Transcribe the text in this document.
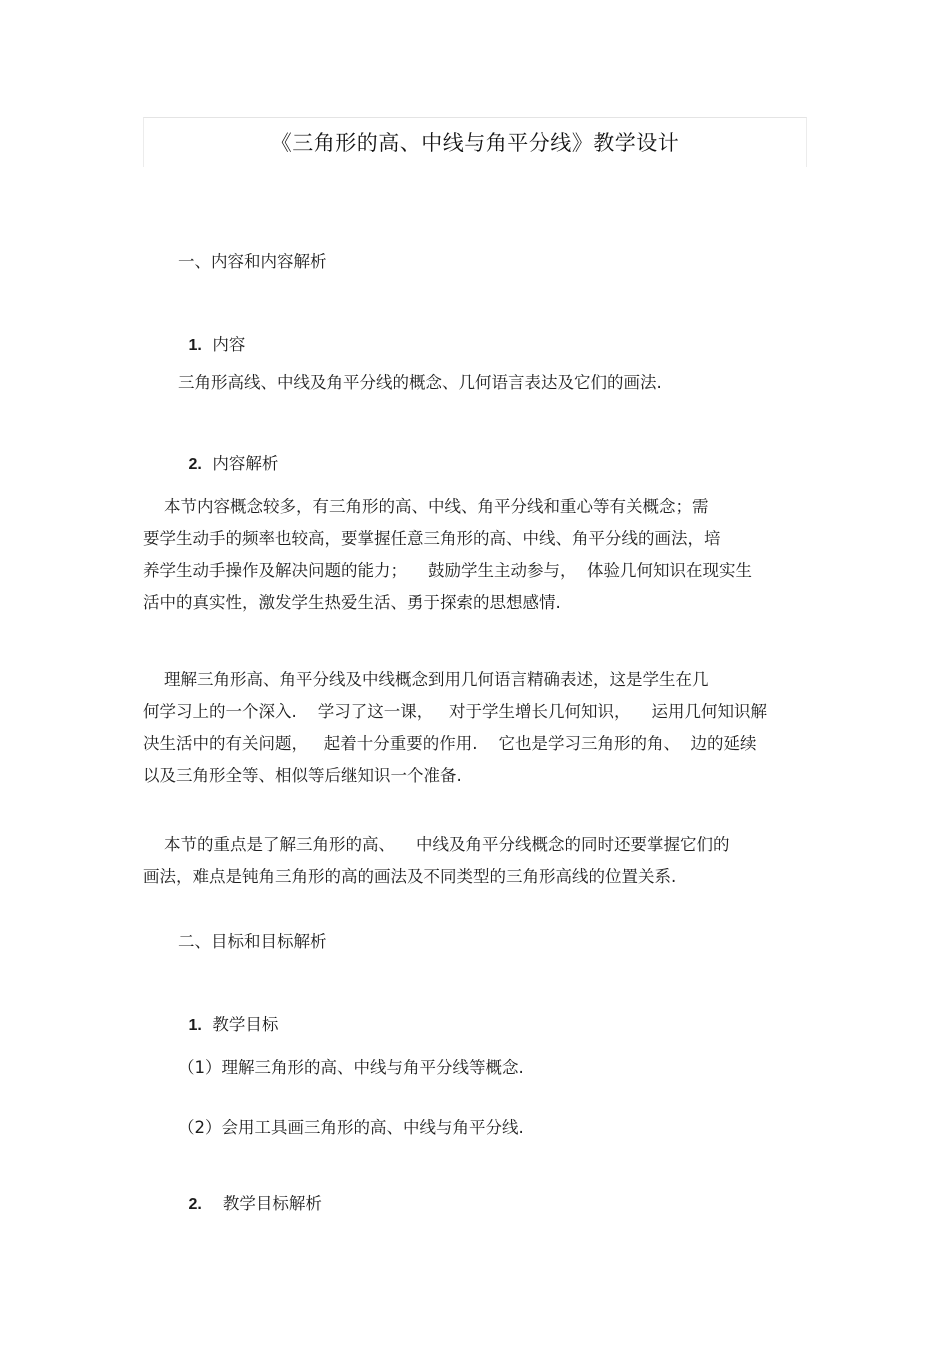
《三角形的高、中线与角平分线》教学设计
一、内容和内容解析

1. 内容

三角形高线、中线及角平分线的概念、几何语言表达及它们的画法.

2. 内容解析

本节内容概念较多，有三角形的高、中线、角平分线和重心等有关概念；需
要学生动手的频率也较高，要掌握任意三角形的高、中线、角平分线的画法，培
养学生动手操作及解决问题的能力；    鼓励学生主动参与，  体验几何知识在现实生
活中的真实性，激发学生热爱生活、勇于探索的思想感情.
理解三角形高、角平分线及中线概念到用几何语言精确表述，这是学生在几
何学习上的一个深入.    学习了这一课，   对于学生增长几何知识，    运用几何知识解
决生活中的有关问题，   起着十分重要的作用.    它也是学习三角形的角、  边的延续
以及三角形全等、相似等后继知识一个准备.
本节的重点是了解三角形的高、    中线及角平分线概念的同时还要掌握它们的
画法，难点是钝角三角形的高的画法及不同类型的三角形高线的位置关系.
二、目标和目标解析

1. 教学目标

（1）理解三角形的高、中线与角平分线等概念.
（2）会用工具画三角形的高、中线与角平分线.

2. 教学目标解析
